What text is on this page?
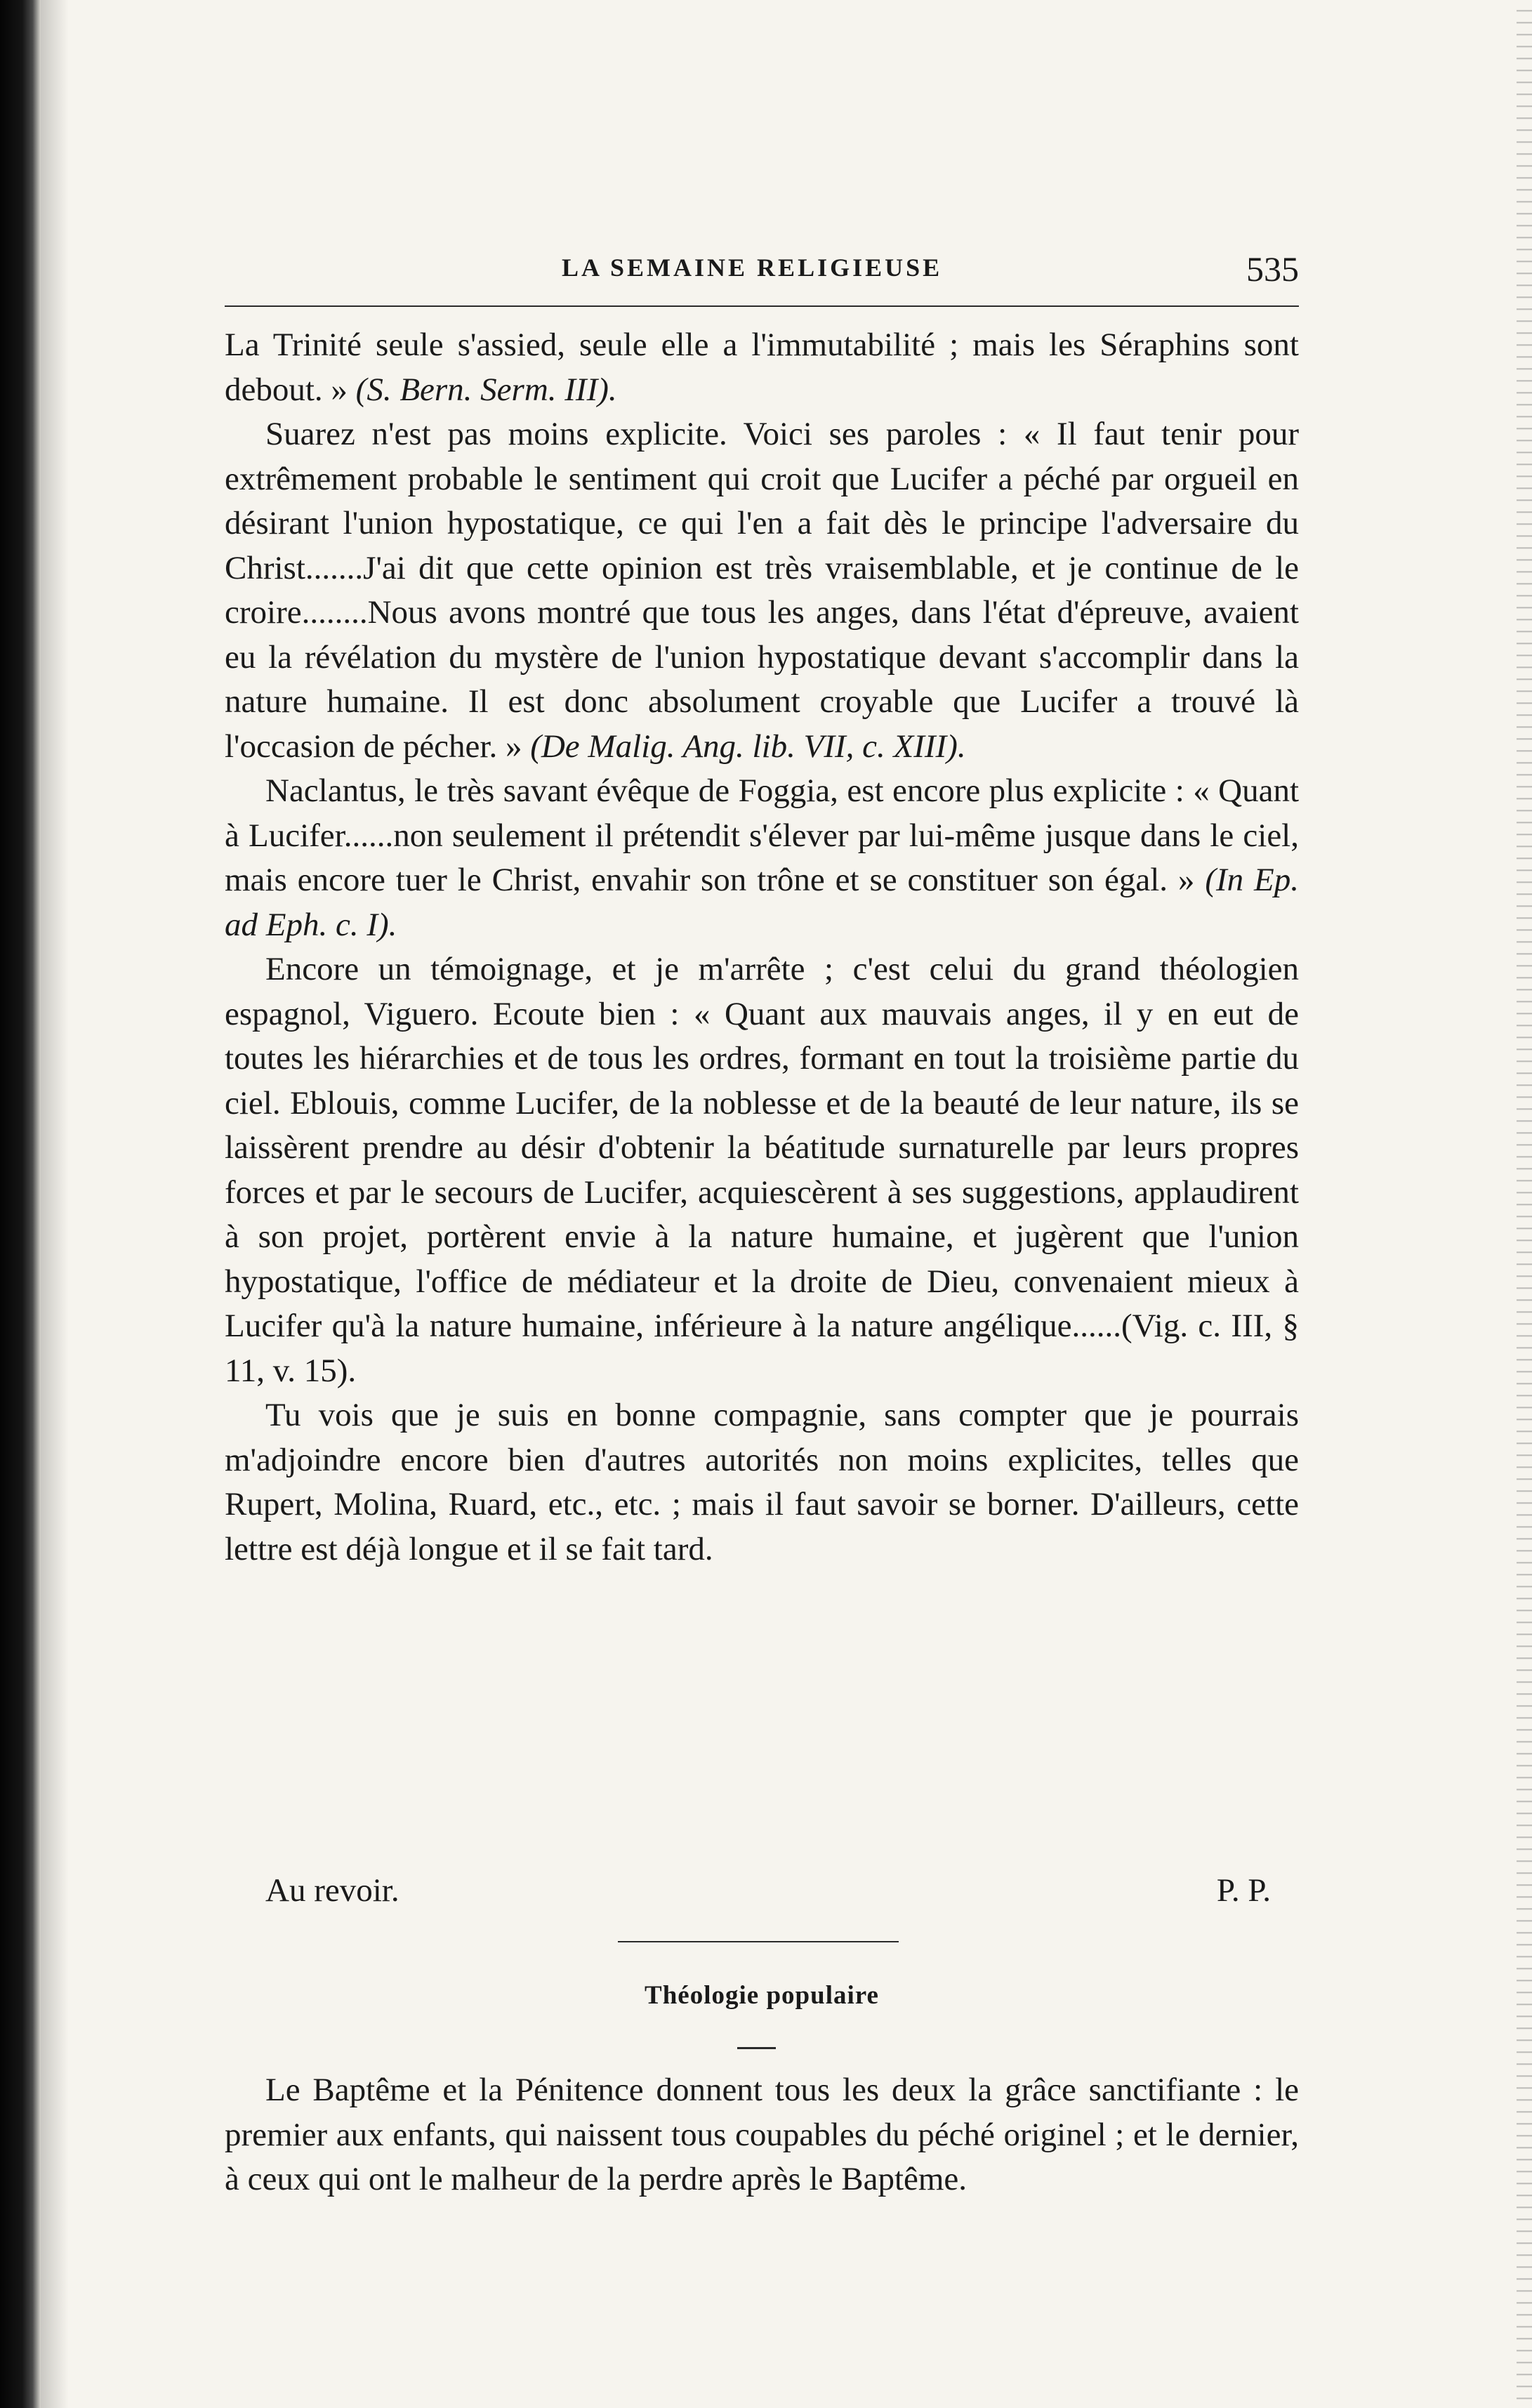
LA SEMAINE RELIGIEUSE	535

La Trinité seule s'assied, seule elle a l'immutabilité ; mais les Séraphins sont debout. » (S. Bern. Serm. III).

Suarez n'est pas moins explicite. Voici ses paroles : « Il faut tenir pour extrêmement probable le sentiment qui croit que Lucifer a péché par orgueil en désirant l'union hypostatique, ce qui l'en a fait dès le principe l'adversaire du Christ.......J'ai dit que cette opinion est très vraisemblable, et je continue de le croire........Nous avons montré que tous les anges, dans l'état d'épreuve, avaient eu la révélation du mystère de l'union hypostatique devant s'accomplir dans la nature humaine. Il est donc absolument croyable que Lucifer a trouvé là l'occasion de pécher. » (De Malig. Ang. lib. VII, c. XIII).

Naclantus, le très savant évêque de Foggia, est encore plus explicite : « Quant à Lucifer......non seulement il prétendit s'élever par lui-même jusque dans le ciel, mais encore tuer le Christ, envahir son trône et se constituer son égal. » (In Ep. ad Eph. c. I).

Encore un témoignage, et je m'arrête ; c'est celui du grand théologien espagnol, Viguero. Ecoute bien : « Quant aux mauvais anges, il y en eut de toutes les hiérarchies et de tous les ordres, formant en tout la troisième partie du ciel. Eblouis, comme Lucifer, de la noblesse et de la beauté de leur nature, ils se laissèrent prendre au désir d'obtenir la béatitude surnaturelle par leurs propres forces et par le secours de Lucifer, acquiescèrent à ses suggestions, applaudirent à son projet, portèrent envie à la nature humaine, et jugèrent que l'union hypostatique, l'office de médiateur et la droite de Dieu, convenaient mieux à Lucifer qu'à la nature humaine, inférieure à la nature angélique......(Vig. c. III, § 11, v. 15).

Tu vois que je suis en bonne compagnie, sans compter que je pourrais m'adjoindre encore bien d'autres autorités non moins explicites, telles que Rupert, Molina, Ruard, etc., etc. ; mais il faut savoir se borner. D'ailleurs, cette lettre est déjà longue et il se fait tard.

Au revoir.	P. P.
Théologie populaire

Le Baptême et la Pénitence donnent tous les deux la grâce sanctifiante : le premier aux enfants, qui naissent tous coupables du péché originel ; et le dernier, à ceux qui ont le malheur de la perdre après le Baptême.
